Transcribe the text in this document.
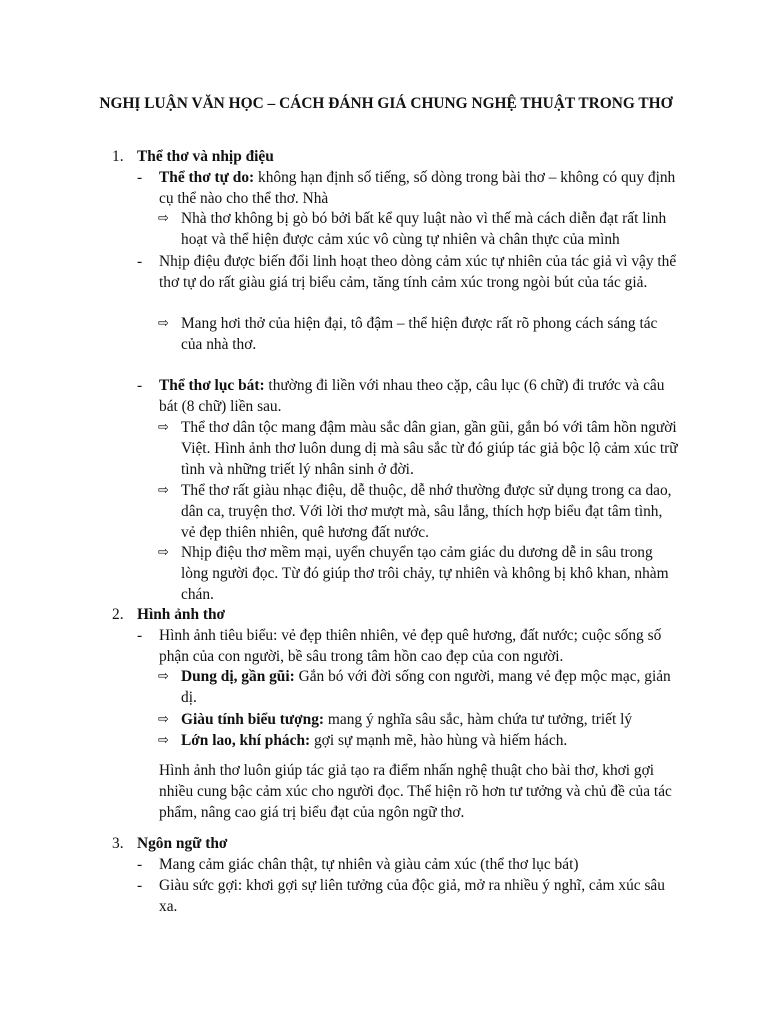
NGHỊ LUẬN VĂN HỌC – CÁCH ĐÁNH GIÁ CHUNG NGHỆ THUẬT TRONG THƠ
1. Thể thơ và nhịp điệu
- Thể thơ tự do: không hạn định số tiếng, số dòng trong bài thơ – không có quy định cụ thể nào cho thể thơ. Nhà
⇨ Nhà thơ không bị gò bó bởi bất kể quy luật nào vì thế mà cách diễn đạt rất linh hoạt và thể hiện được cảm xúc vô cùng tự nhiên và chân thực của mình
- Nhịp điệu được biến đổi linh hoạt theo dòng cảm xúc tự nhiên của tác giả vì vậy thể thơ tự do rất giàu giá trị biểu cảm, tăng tính cảm xúc trong ngòi bút của tác giả.
⇨ Mang hơi thở của hiện đại, tô đậm – thể hiện được rất rõ phong cách sáng tác của nhà thơ.
- Thể thơ lục bát: thường đi liền với nhau theo cặp, câu lục (6 chữ) đi trước và câu bát (8 chữ) liền sau.
⇨ Thể thơ dân tộc mang đậm màu sắc dân gian, gần gũi, gắn bó với tâm hồn người Việt. Hình ảnh thơ luôn dung dị mà sâu sắc từ đó giúp tác giả bộc lộ cảm xúc trữ tình và những triết lý nhân sinh ở đời.
⇨ Thể thơ rất giàu nhạc điệu, dễ thuộc, dễ nhớ thường được sử dụng trong ca dao, dân ca, truyện thơ. Với lời thơ mượt mà, sâu lắng, thích hợp biểu đạt tâm tình, vẻ đẹp thiên nhiên, quê hương đất nước.
⇨ Nhịp điệu thơ mềm mại, uyển chuyển tạo cảm giác du dương dễ in sâu trong lòng người đọc. Từ đó giúp thơ trôi chảy, tự nhiên và không bị khô khan, nhàm chán.
2. Hình ảnh thơ
- Hình ảnh tiêu biểu: vẻ đẹp thiên nhiên, vẻ đẹp quê hương, đất nước; cuộc sống số phận của con người, bề sâu trong tâm hồn cao đẹp của con người.
⇨ Dung dị, gần gũi: Gắn bó với đời sống con người, mang vẻ đẹp mộc mạc, giản dị.
⇨ Giàu tính biểu tượng: mang ý nghĩa sâu sắc, hàm chứa tư tưởng, triết lý
⇨ Lớn lao, khí phách: gợi sự mạnh mẽ, hào hùng và hiếm hách.
Hình ảnh thơ luôn giúp tác giả tạo ra điểm nhấn nghệ thuật cho bài thơ, khơi gợi nhiều cung bậc cảm xúc cho người đọc. Thể hiện rõ hơn tư tưởng và chủ đề của tác phẩm, nâng cao giá trị biểu đạt của ngôn ngữ thơ.
3. Ngôn ngữ thơ
- Mang cảm giác chân thật, tự nhiên và giàu cảm xúc (thể thơ lục bát)
- Giàu sức gợi: khơi gợi sự liên tưởng của độc giả, mở ra nhiều ý nghĩ, cảm xúc sâu xa.
